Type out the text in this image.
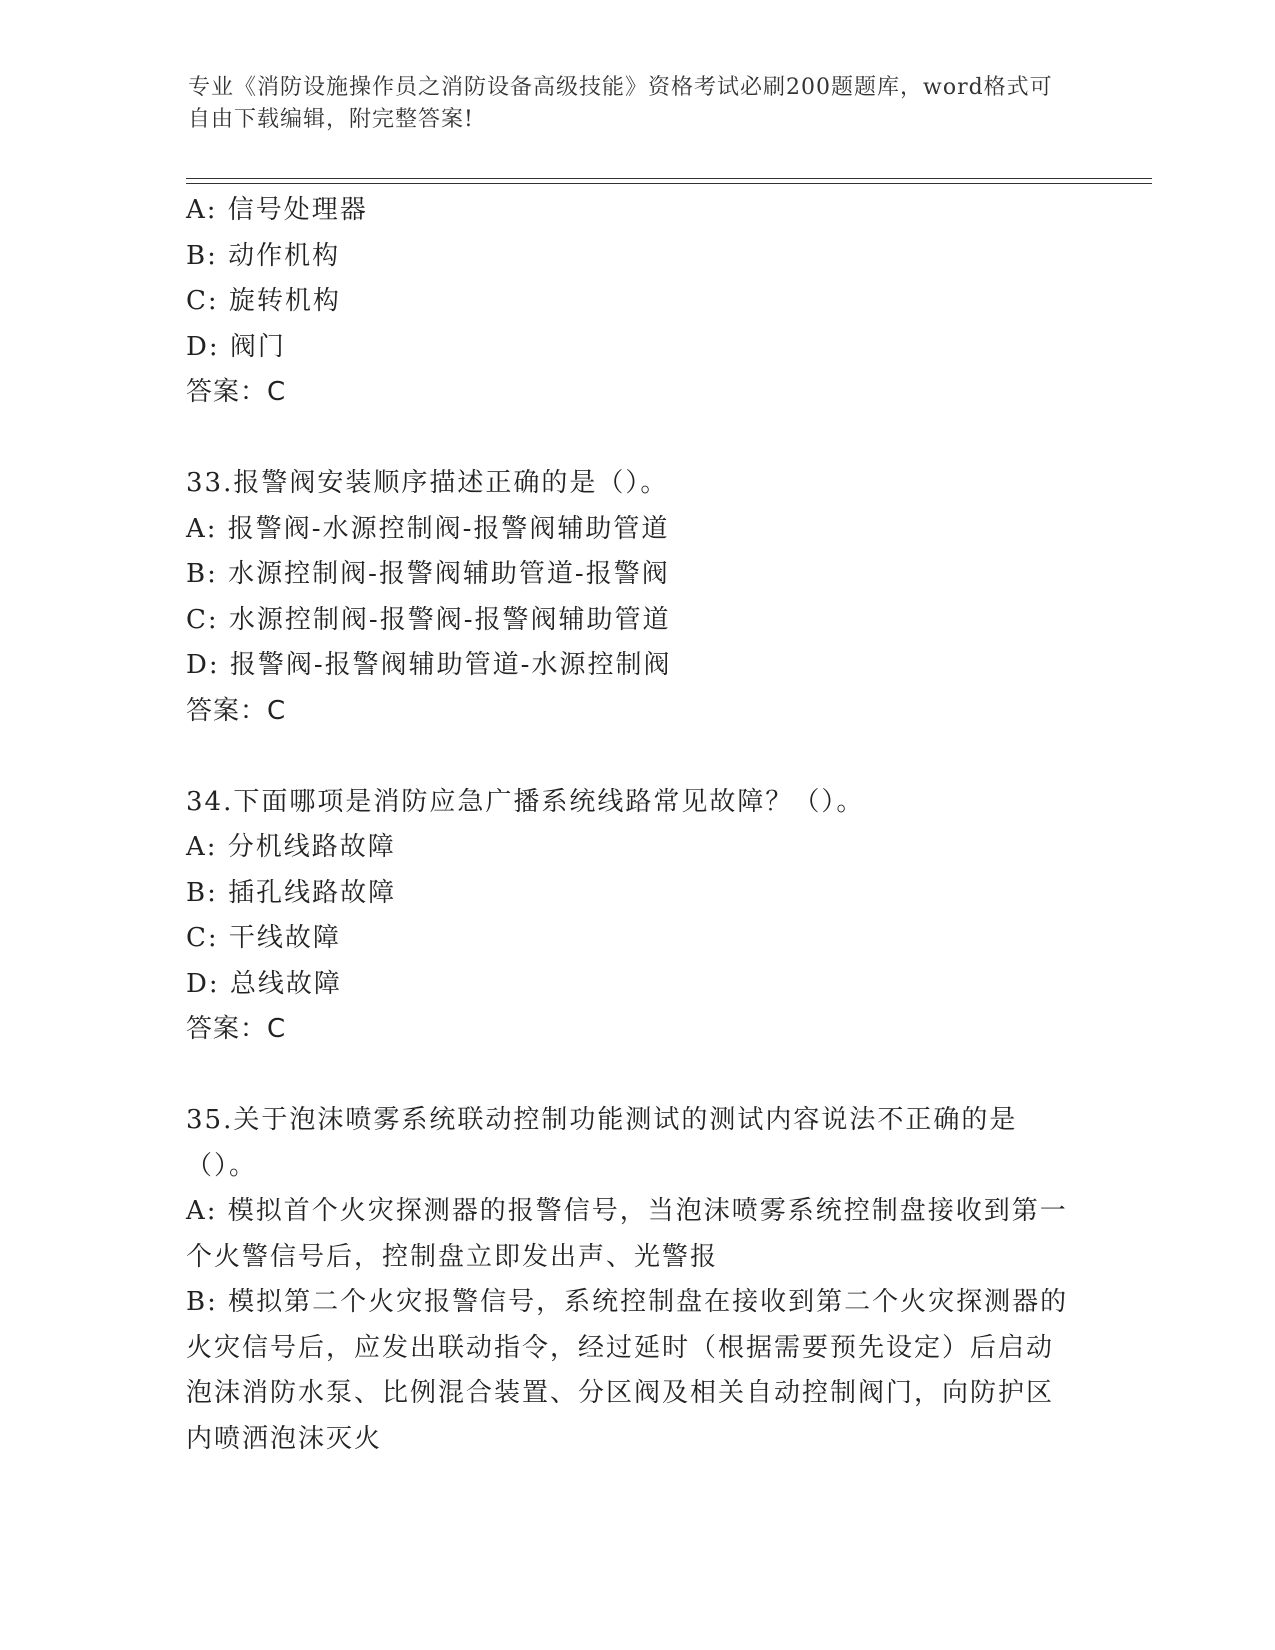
专业《消防设施操作员之消防设备高级技能》资格考试必刷200题题库，word格式可自由下载编辑，附完整答案!
A: 信号处理器
B: 动作机构
C: 旋转机构
D: 阀门
答案：C
33.报警阀安装顺序描述正确的是（）。
A: 报警阀-水源控制阀-报警阀辅助管道
B: 水源控制阀-报警阀辅助管道-报警阀
C: 水源控制阀-报警阀-报警阀辅助管道
D: 报警阀-报警阀辅助管道-水源控制阀
答案：C
34.下面哪项是消防应急广播系统线路常见故障？（）。
A: 分机线路故障
B: 插孔线路故障
C: 干线故障
D: 总线故障
答案：C
35.关于泡沫喷雾系统联动控制功能测试的测试内容说法不正确的是（）。
A: 模拟首个火灾探测器的报警信号，当泡沫喷雾系统控制盘接收到第一个火警信号后，控制盘立即发出声、光警报
B: 模拟第二个火灾报警信号，系统控制盘在接收到第二个火灾探测器的火灾信号后，应发出联动指令，经过延时（根据需要预先设定）后启动泡沫消防水泵、比例混合装置、分区阀及相关自动控制阀门，向防护区内喷洒泡沫灭火
